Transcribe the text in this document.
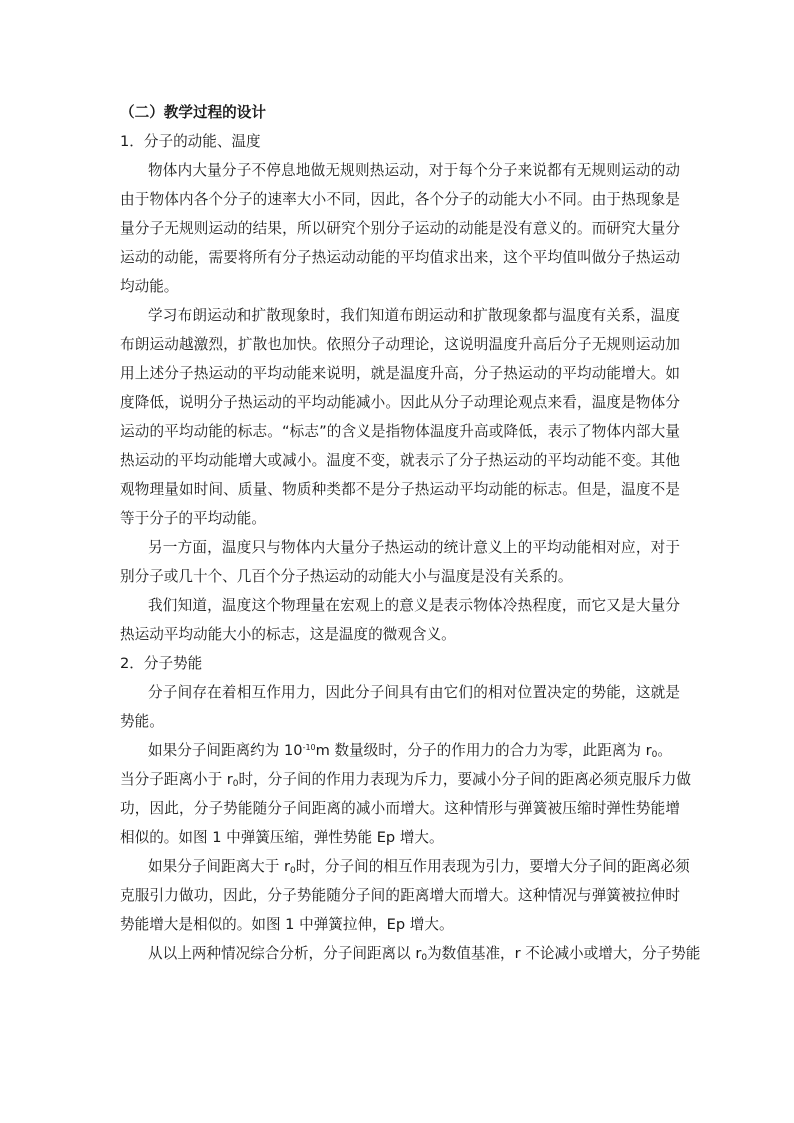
（二）教学过程的设计
1．分子的动能、温度
物体内大量分子不停息地做无规则热运动，对于每个分子来说都有无规则运动的动
由于物体内各个分子的速率大小不同，因此，各个分子的动能大小不同。由于热现象是
量分子无规则运动的结果，所以研究个别分子运动的动能是没有意义的。而研究大量分
运动的动能，需要将所有分子热运动动能的平均值求出来，这个平均值叫做分子热运动
均动能。
学习布朗运动和扩散现象时，我们知道布朗运动和扩散现象都与温度有关系，温度
布朗运动越激烈，扩散也加快。依照分子动理论，这说明温度升高后分子无规则运动加
用上述分子热运动的平均动能来说明，就是温度升高，分子热运动的平均动能增大。如
度降低，说明分子热运动的平均动能减小。因此从分子动理论观点来看，温度是物体分
运动的平均动能的标志。“标志”的含义是指物体温度升高或降低，表示了物体内部大量
热运动的平均动能增大或减小。温度不变，就表示了分子热运动的平均动能不变。其他
观物理量如时间、质量、物质种类都不是分子热运动平均动能的标志。但是，温度不是
等于分子的平均动能。
另一方面，温度只与物体内大量分子热运动的统计意义上的平均动能相对应，对于
别分子或几十个、几百个分子热运动的动能大小与温度是没有关系的。
我们知道，温度这个物理量在宏观上的意义是表示物体冷热程度，而它又是大量分
热运动平均动能大小的标志，这是温度的微观含义。
2．分子势能
分子间存在着相互作用力，因此分子间具有由它们的相对位置决定的势能，这就是
势能。
如果分子间距离约为 $10^{-10}m$ 数量级时，分子的作用力的合力为零，此距离为 $r_0$。
当分子距离小于 $r_0$时，分子间的作用力表现为斥力，要减小分子间的距离必须克服斥力做
功，因此，分子势能随分子间距离的减小而增大。这种情形与弹簧被压缩时弹性势能增
相似的。如图 1 中弹簧压缩，弹性势能 Ep 增大。
如果分子间距离大于 $r_0$时，分子间的相互作用表现为引力，要增大分子间的距离必须
克服引力做功，因此，分子势能随分子间的距离增大而增大。这种情况与弹簧被拉伸时
势能增大是相似的。如图 1 中弹簧拉伸，Ep 增大。
从以上两种情况综合分析，分子间距离以 $r_0$为数值基准，r 不论减小或增大，分子势能
